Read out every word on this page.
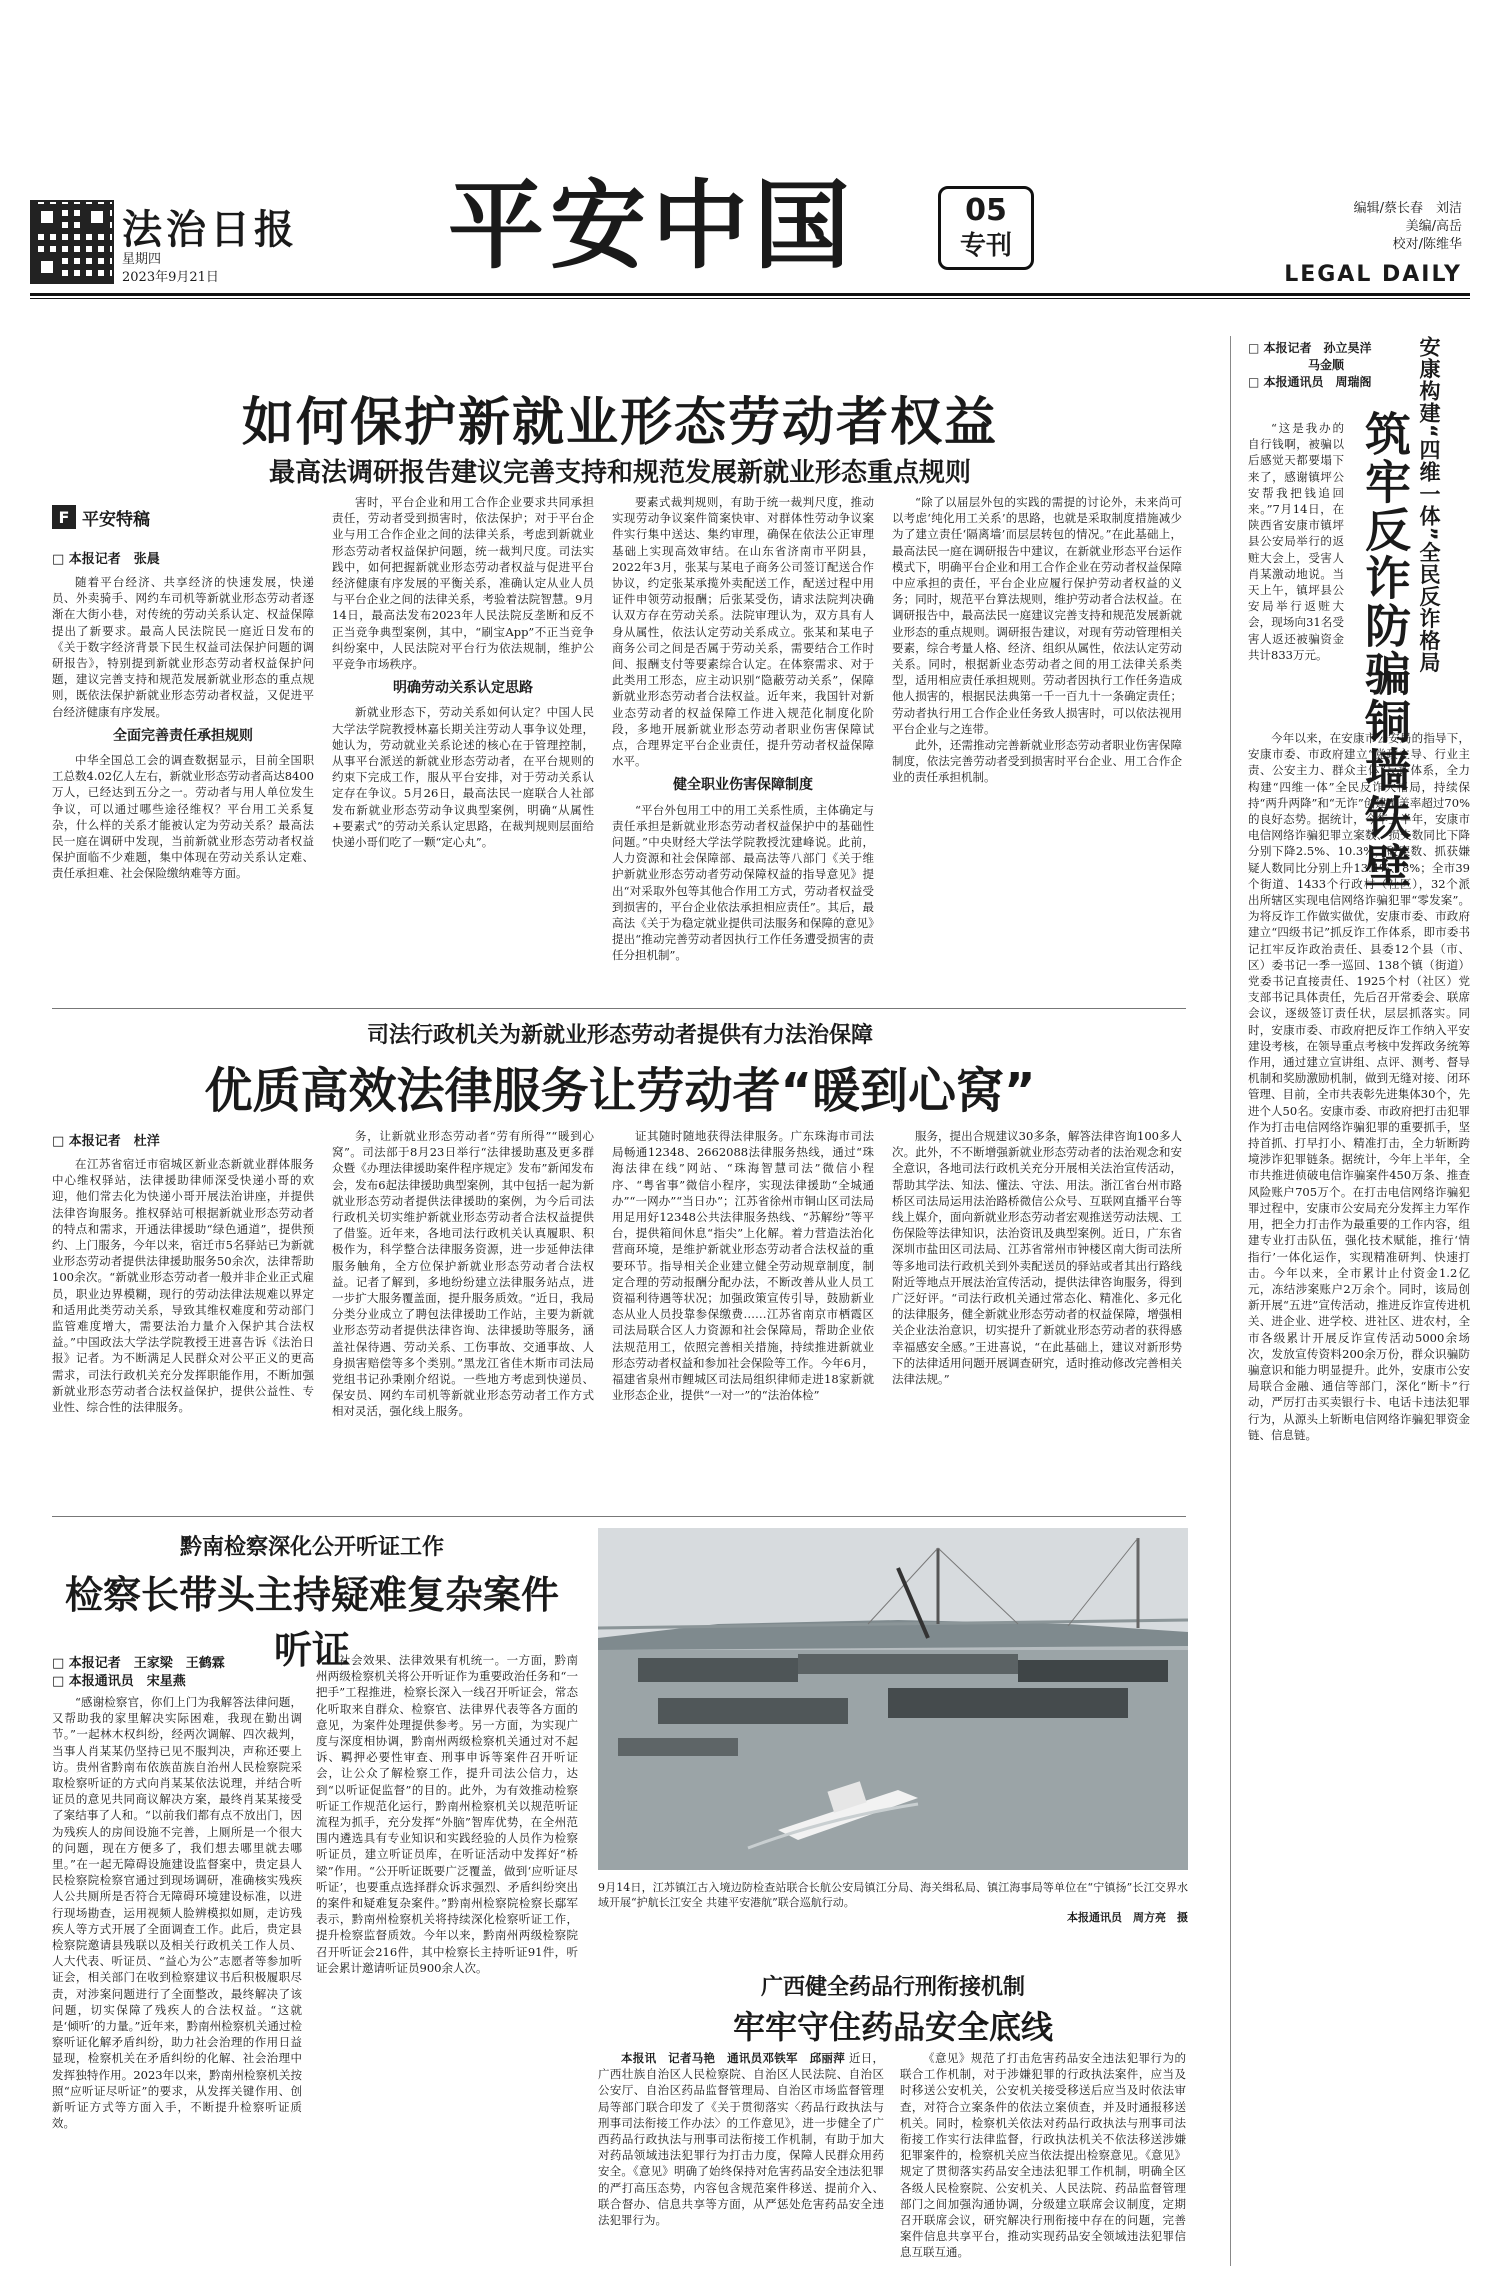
法治日报
星期四
2023年9月21日 平安中国	05
专刊
编辑/蔡长春　刘洁
美编/高岳
校对/陈维华
LEGAL DAILY
如何保护新就业形态劳动者权益
最高法调研报告建议完善支持和规范发展新就业形态重点规则
F 平安特稿
□ 本报记者　张晨

随着平台经济、共享经济的快速发展，快递员、外卖骑手、网约车司机等新就业形态劳动者逐渐在大街小巷，对传统的劳动关系认定、权益保障提出了新要求。最高人民法院民一庭近日发布的《关于数字经济背景下民生权益司法保护问题的调研报告》，特别提到新就业形态劳动者权益保护问题，建议完善支持和规范发展新就业形态的重点规则，既依法保护新就业形态劳动者权益，又促进平台经济健康有序发展。

全面完善责任承担规则

中华全国总工会的调查数据显示，目前全国职工总数4.02亿人左右，新就业形态劳动者高达8400万人，已经达到五分之一。劳动者与用人单位发生争议，可以通过哪些途径维权？平台用工关系复杂，什么样的关系才能被认定为劳动关系？最高法民一庭在调研中发现，当前新就业形态劳动者权益保护面临不少难题，集中体现在劳动关系认定难、责任承担难、社会保险缴纳难等方面。

害时，平台企业和用工合作企业要求共同承担责任，劳动者受到损害时，依法保护；对于平台企业与用工合作企业之间的法律关系，考虑到新就业形态劳动者权益保护问题，统一裁判尺度。司法实践中，如何把握新就业形态劳动者权益与促进平台经济健康有序发展的平衡关系，准确认定从业人员与平台企业之间的法律关系，考验着法院智慧。9月14日，最高法发布2023年人民法院反垄断和反不正当竞争典型案例，其中，“刷宝App”不正当竞争纠纷案中，人民法院对平台行为依法规制，维护公平竞争市场秩序。

明确劳动关系认定思路

新就业形态下，劳动关系如何认定？中国人民大学法学院教授林嘉长期关注劳动人事争议处理，她认为，劳动就业关系论述的核心在于管理控制，从事平台派送的新就业形态劳动者，在平台规则的约束下完成工作，服从平台安排，对于劳动关系认定存在争议。5月26日，最高法民一庭联合人社部发布新就业形态劳动争议典型案例，明确“从属性+要素式”的劳动关系认定思路，在裁判规则层面给快递小哥们吃了一颗“定心丸”。

要素式裁判规则，有助于统一裁判尺度，推动实现劳动争议案件简案快审、对群体性劳动争议案件实行集中送达、集约审理，确保在依法公正审理基础上实现高效审结。在山东省济南市平阴县，2022年3月，张某与某电子商务公司签订配送合作协议，约定张某承揽外卖配送工作，配送过程中用证件申领劳动报酬；后张某受伤，请求法院判决确认双方存在劳动关系。法院审理认为，双方具有人身从属性，依法认定劳动关系成立。张某和某电子商务公司之间是否属于劳动关系，需要结合工作时间、报酬支付等要素综合认定。在体察需求、对于此类用工形态，应主动识别“隐蔽劳动关系”，保障新就业形态劳动者合法权益。近年来，我国针对新业态劳动者的权益保障工作进入规范化制度化阶段，多地开展新就业形态劳动者职业伤害保障试点，合理界定平台企业责任，提升劳动者权益保障水平。

健全职业伤害保障制度

“平台外包用工中的用工关系性质，主体确定与责任承担是新就业形态劳动者权益保护中的基础性问题。”中央财经大学法学院教授沈建峰说。此前，人力资源和社会保障部、最高法等八部门《关于维护新就业形态劳动者劳动保障权益的指导意见》提出“对采取外包等其他合作用工方式，劳动者权益受到损害的，平台企业依法承担相应责任”。其后，最高法《关于为稳定就业提供司法服务和保障的意见》提出“推动完善劳动者因执行工作任务遭受损害的责任分担机制”。

“除了以届层外包的实践的需提的讨论外，未来尚可以考虑‘纯化用工关系’的思路，也就是采取制度措施减少为了建立责任‘隔离墙’而层层转包的情况。”在此基础上，最高法民一庭在调研报告中建议，在新就业形态平台运作模式下，明确平台企业和用工合作企业在劳动者权益保障中应承担的责任，平台企业应履行保护劳动者权益的义务；同时，规范平台算法规则，维护劳动者合法权益。在调研报告中，最高法民一庭建议完善支持和规范发展新就业形态的重点规则。调研报告建议，对现有劳动管理相关要素，综合考量人格、经济、组织从属性，依法认定劳动关系。同时，根据新业态劳动者之间的用工法律关系类型，适用相应责任承担规则。劳动者因执行工作任务造成他人损害的，根据民法典第一千一百九十一条确定责任；劳动者执行用工合作企业任务致人损害时，可以依法视用平台企业与之连带。

此外，还需推动完善新就业形态劳动者职业伤害保障制度，依法完善劳动者受到损害时平台企业、用工合作企业的责任承担机制。

司法行政机关为新就业形态劳动者提供有力法治保障
优质高效法律服务让劳动者“暖到心窝”
□ 本报记者　杜洋

在江苏省宿迁市宿城区新业态新就业群体服务中心维权驿站，法律援助律师深受快递小哥的欢迎，他们常去化为快递小哥开展法治讲座，并提供法律咨询服务。推权驿站可根据新就业形态劳动者的特点和需求，开通法律援助“绿色通道”，提供预约、上门服务，今年以来，宿迁市5名驿站已为新就业形态劳动者提供法律援助服务50余次，法律帮助100余次。“新就业形态劳动者一般并非企业正式雇员，职业边界模糊，现行的劳动法律法规难以界定和适用此类劳动关系，导致其维权难度和劳动部门监管难度增大，需要法治力量介入保护其合法权益。”中国政法大学法学院教授王进喜告诉《法治日报》记者。为不断满足人民群众对公平正义的更高需求，司法行政机关充分发挥职能作用，不断加强新就业形态劳动者合法权益保护，提供公益性、专业性、综合性的法律服务。

务，让新就业形态劳动者“劳有所得”“暖到心窝”。司法部于8月23日举行“法律援助惠及更多群众暨《办理法律援助案件程序规定》发布”新闻发布会，发布6起法律援助典型案例，其中包括一起为新就业形态劳动者提供法律援助的案例，为今后司法行政机关切实维护新就业形态劳动者合法权益提供了借鉴。近年来，各地司法行政机关认真履职、积极作为，科学整合法律服务资源，进一步延伸法律服务触角，全方位保护新就业形态劳动者合法权益。记者了解到，多地纷纷建立法律服务站点，进一步扩大服务覆盖面，提升服务质效。“近日，我局分类分业成立了聘包法律援助工作站，主要为新就业形态劳动者提供法律咨询、法律援助等服务，涵盖社保待遇、劳动关系、工伤事故、交通事故、人身损害赔偿等多个类别。”黑龙江省佳木斯市司法局党组书记孙秉刚介绍说。一些地方考虑到快递员、保安员、网约车司机等新就业形态劳动者工作方式相对灵活，强化线上服务。

证其随时随地获得法律服务。广东珠海市司法局畅通12348、2662088法律服务热线，通过“珠海法律在线”网站、“珠海智慧司法”微信小程序、“粤省事”微信小程序，实现法律援助“全城通办”“一网办”“当日办”；江苏省徐州市铜山区司法局用足用好12348公共法律服务热线、“苏解纷”等平台，提供箱间休息“指尖”上化解。着力营造法治化营商环境，是维护新就业形态劳动者合法权益的重要环节。指导相关企业建立健全劳动规章制度，制定合理的劳动报酬分配办法，不断改善从业人员工资福利待遇等状况；加强政策宣传引导，鼓励新业态从业人员投靠参保缴费……江苏省南京市栖霞区司法局联合区人力资源和社会保障局，帮助企业依法规范用工，依照完善相关措施，持续推进新就业形态劳动者权益和参加社会保险等工作。今年6月，福建省泉州市鲤城区司法局组织律师走进18家新就业形态企业，提供“一对一”的“法治体检”

服务，提出合规建议30多条，解答法律咨询100多人次。此外，不不断增强新就业形态劳动者的法治观念和安全意识，各地司法行政机关充分开展相关法治宣传活动，帮助其学法、知法、懂法、守法、用法。浙江省台州市路桥区司法局运用法治路桥微信公众号、互联网直播平台等线上媒介，面向新就业形态劳动者宏观推送劳动法规、工伤保险等法律知识，法治资讯及典型案例。近日，广东省深圳市盐田区司法局、江苏省常州市钟楼区南大街司法所等多地司法行政机关到外卖配送员的驿站或者其出行路线附近等地点开展法治宣传活动，提供法律咨询服务，得到广泛好评。“司法行政机关通过常态化、精准化、多元化的法律服务，健全新就业形态劳动者的权益保障，增强相关企业法治意识，切实提升了新就业形态劳动者的获得感幸福感安全感。”王进喜说，“在此基础上，建议对新形势下的法律适用问题开展调查研究，适时推动修改完善相关法律法规。”

黔南检察深化公开听证工作
检察长带头主持疑难复杂案件听证
□ 本报记者　王家梁　王鹤霖
□ 本报通讯员　宋星燕

“感谢检察官，你们上门为我解答法律问题，又帮助我的家里解决实际困难，我现在勤出调节。”一起林木权纠纷，经两次调解、四次裁判，当事人肖某某仍坚持已见不服判决，声称还要上访。贵州省黔南布依族苗族自治州人民检察院采取检察听证的方式向肖某某依法说理，并结合听证员的意见共同商议解决方案，最终肖某某接受了案结事了人和。“以前我们都有点不放出门，因为残疾人的房间设施不完善，上厕所是一个很大的问题，现在方便多了，我们想去哪里就去哪里。”在一起无障碍设施建设监督案中，贵定县人民检察院检察官通过到现场调研，准确核实残疾人公共厕所是否符合无障碍环境建设标准，以进行现场勘查，运用视频人脸辨模拟如厕，走访残疾人等方式开展了全面调查工作。此后，贵定县检察院邀请县残联以及相关行政机关工作人员、人大代表、听证员、“益心为公”志愿者等参加听证会，相关部门在收到检察建议书后积极履职尽责，对涉案问题进行了全面整改，最终解决了该问题，切实保障了残疾人的合法权益。“这就是‘倾听’的力量。”近年来，黔南州检察机关通过检察听证化解矛盾纠纷，助力社会治理的作用日益显现，检察机关在矛盾纠纷的化解、社会治理中发挥独特作用。2023年以来，黔南州检察机关按照“应听证尽听证”的要求，从发挥关键作用、创新听证方式等方面入手，不断提升检察听证质效。

社会效果、法律效果有机统一。一方面，黔南州两级检察机关将公开听证作为重要政治任务和“一把手”工程推进，检察长深入一线召开听证会，常态化听取来自群众、检察官、法律界代表等各方面的意见，为案件处理提供参考。另一方面，为实现广度与深度相协调，黔南州两级检察机关通过对不起诉、羁押必要性审查、刑事申诉等案件召开听证会，让公众了解检察工作，提升司法公信力，达到“以听证促监督”的目的。此外，为有效推动检察听证工作规范化运行，黔南州检察机关以规范听证流程为抓手，充分发挥“外脑”智库优势，在全州范围内遴选具有专业知识和实践经验的人员作为检察听证员，建立听证员库，在听证活动中发挥好“桥梁”作用。“公开听证既要广泛覆盖，做到‘应听证尽听证’，也要重点选择群众诉求强烈、矛盾纠纷突出的案件和疑难复杂案件。”黔南州检察院检察长鄢军表示，黔南州检察机关将持续深化检察听证工作，提升检察监督质效。今年以来，黔南州两级检察院召开听证会216件，其中检察长主持听证91件，听证会累计邀请听证员900余人次。

9月14日，江苏镇江古入境边防检查站联合长航公安局镇江分局、海关缉私局、镇江海事局等单位在“宁镇扬”长江交界水域开展“护航长江安全 共建平安港航”联合巡航行动。
本报通讯员　周方亮　摄
广西健全药品行刑衔接机制
牢牢守住药品安全底线

本报讯　记者马艳　通讯员邓铁军　邱丽萍 近日，广西壮族自治区人民检察院、自治区人民法院、自治区公安厅、自治区药品监督管理局、自治区市场监督管理局等部门联合印发了《关于贯彻落实〈药品行政执法与刑事司法衔接工作办法〉的工作意见》，进一步健全了广西药品行政执法与刑事司法衔接工作机制，有助于加大对药品领域违法犯罪行为打击力度，保障人民群众用药安全。《意见》明确了始终保持对危害药品安全违法犯罪的严打高压态势，内容包含规范案件移送、提前介入、联合督办、信息共享等方面，从严惩处危害药品安全违法犯罪行为。

《意见》规范了打击危害药品安全违法犯罪行为的联合工作机制，对于涉嫌犯罪的行政执法案件，应当及时移送公安机关，公安机关接受移送后应当及时依法审查，对符合立案条件的依法立案侦查，并及时通报移送机关。同时，检察机关依法对药品行政执法与刑事司法衔接工作实行法律监督，行政执法机关不依法移送涉嫌犯罪案件的，检察机关应当依法提出检察意见。《意见》规定了贯彻落实药品安全违法犯罪工作机制，明确全区各级人民检察院、公安机关、人民法院、药品监督管理部门之间加强沟通协调，分级建立联席会议制度，定期召开联席会议，研究解决行刑衔接中存在的问题，完善案件信息共享平台，推动实现药品安全领域违法犯罪信息互联互通。

□ 本报记者　孙立昊洋
马金顺
□ 本报通讯员　周瑞阁 安康构建“四维一体”全民反诈格局
筑牢反诈防骗铜墙铁壁

“这是我办的自行钱啊，被骗以后感觉天都要塌下来了，感谢镇坪公安帮我把钱追回来。”7月14日，在陕西省安康市镇坪县公安局举行的返赃大会上，受害人肖某激动地说。当天上午，镇坪县公安局举行返赃大会，现场向31名受害人返还被骗资金共计833万元。

今年以来，在安康市公安局的指导下，安康市委、市政府建立“党政主导、行业主责、公安主力、群众主体”反诈体系，全力构建“四维一体”全民反诈大格局，持续保持“两升两降”和“无诈”创建覆盖率超过70%的良好态势。据统计，今年上半年，安康市电信网络诈骗犯罪立案数、损失数同比下降分别下降2.5%、10.3%，破案数、抓获嫌疑人数同比分别上升13.4%、8%；全市39个街道、1433个行政村（社区），32个派出所辖区实现电信网络诈骗犯罪“零发案”。为将反诈工作做实做优，安康市委、市政府建立“四级书记”抓反诈工作体系，即市委书记扛牢反诈政治责任、县委12个县（市、区）委书记一季一巡回、138个镇（街道）党委书记直接责任、1925个村（社区）党支部书记具体责任，先后召开常委会、联席会议，逐级签订责任状，层层抓落实。同时，安康市委、市政府把反诈工作纳入平安建设考核，在领导重点考核中发挥政务统筹作用，通过建立宣讲组、点评、测考、督导机制和奖励激励机制，做到无缝对接、闭环管理、目前，全市共表彰先进集体30个，先进个人50名。安康市委、市政府把打击犯罪作为打击电信网络诈骗犯罪的重要抓手，坚持首抓、打早打小、精准打击，全力斩断跨境涉诈犯罪链条。据统计，今年上半年，全市共推进侦破电信诈骗案件450万条、推查风险账户705万个。在打击电信网络诈骗犯罪过程中，安康市公安局充分发挥主力军作用，把全力打击作为最重要的工作内容，组建专业打击队伍，强化技术赋能，推行‘情指行’一体化运作，实现精准研判、快速打击。今年以来，全市累计止付资金1.2亿元，冻结涉案账户2万余个。同时，该局创新开展“五进”宣传活动，推进反诈宣传进机关、进企业、进学校、进社区、进农村，全市各级累计开展反诈宣传活动5000余场次，发放宣传资料200余万份，群众识骗防骗意识和能力明显提升。此外，安康市公安局联合金融、通信等部门，深化“断卡”行动，严厉打击买卖银行卡、电话卡违法犯罪行为，从源头上斩断电信网络诈骗犯罪资金链、信息链。
